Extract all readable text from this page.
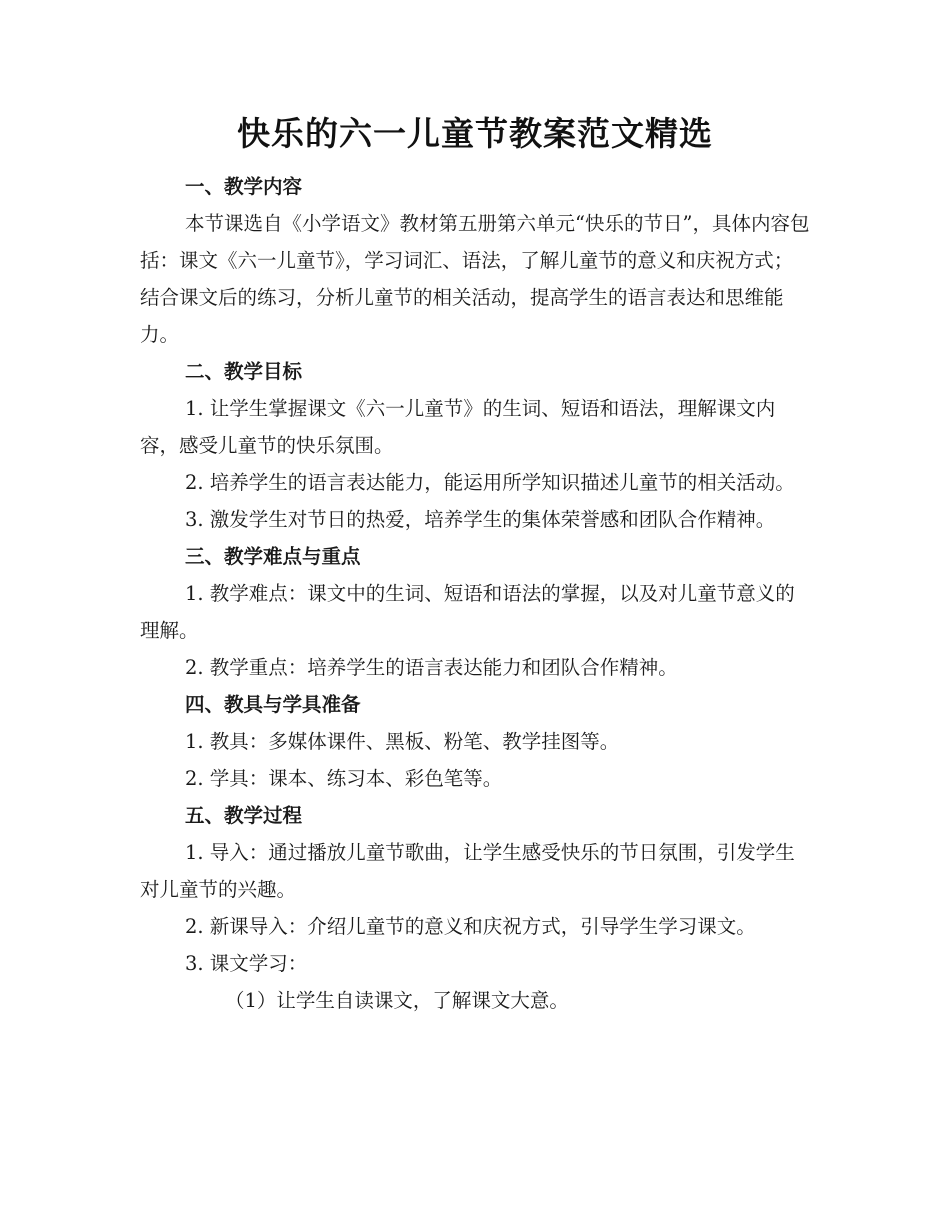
快乐的六一儿童节教案范文精选

一、教学内容

本节课选自《小学语文》教材第五册第六单元“快乐的节日”，具体内容包括：课文《六一儿童节》，学习词汇、语法，了解儿童节的意义和庆祝方式；结合课文后的练习，分析儿童节的相关活动，提高学生的语言表达和思维能力。

二、教学目标

1. 让学生掌握课文《六一儿童节》的生词、短语和语法，理解课文内容，感受儿童节的快乐氛围。

2. 培养学生的语言表达能力，能运用所学知识描述儿童节的相关活动。

3. 激发学生对节日的热爱，培养学生的集体荣誉感和团队合作精神。

三、教学难点与重点

1. 教学难点：课文中的生词、短语和语法的掌握，以及对儿童节意义的理解。

2. 教学重点：培养学生的语言表达能力和团队合作精神。

四、教具与学具准备

1. 教具：多媒体课件、黑板、粉笔、教学挂图等。

2. 学具：课本、练习本、彩色笔等。

五、教学过程

1. 导入：通过播放儿童节歌曲，让学生感受快乐的节日氛围，引发学生对儿童节的兴趣。

2. 新课导入：介绍儿童节的意义和庆祝方式，引导学生学习课文。

3. 课文学习：

（1）让学生自读课文，了解课文大意。
